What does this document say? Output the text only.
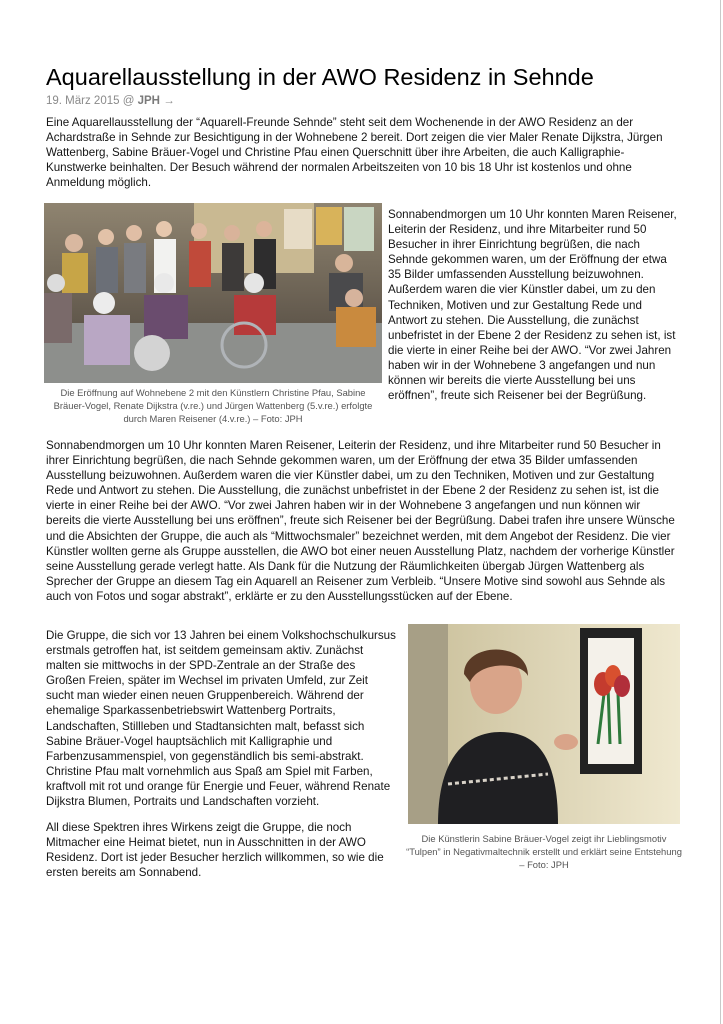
Aquarellausstellung in der AWO Residenz in Sehnde
19. März 2015 @ JPH →

Eine Aquarellausstellung der “Aquarell-Freunde Sehnde” steht seit dem Wochenende in der AWO Residenz an der Achardstraße in Sehnde zur Besichtigung in der Wohnebene 2 bereit. Dort zeigen die vier Maler Renate Dijkstra, Jürgen Wattenberg, Sabine Bräuer-Vogel und Christine Pfau einen Querschnitt über ihre Arbeiten, die auch Kalligraphie-Kunstwerke beinhalten. Der Besuch während der normalen Arbeitszeiten von 10 bis 18 Uhr ist kostenlos und ohne Anmeldung möglich.

Die Eröffnung auf Wohnebene 2 mit den Künstlern Christine Pfau, Sabine Bräuer-Vogel, Renate Dijkstra (v.re.) und Jürgen Wattenberg (5.v.re.) erfolgte durch Maren Reisener (4.v.re.) – Foto: JPH

Sonnabendmorgen um 10 Uhr konnten Maren Reisener, Leiterin der Residenz, und ihre Mitarbeiter rund 50 Besucher in ihrer Einrichtung begrüßen, die nach Sehnde gekommen waren, um der Eröffnung der etwa 35 Bilder umfassenden Ausstellung beizuwohnen. Außerdem waren die vier Künstler dabei, um zu den Techniken, Motiven und zur Gestaltung Rede und Antwort zu stehen. Die Ausstellung, die zunächst unbefristet in der Ebene 2 der Residenz zu sehen ist, ist die vierte in einer Reihe bei der AWO. “Vor zwei Jahren haben wir in der Wohnebene 3 angefangen und nun können wir bereits die vierte Ausstellung bei uns eröffnen”, freute sich Reisener bei der Begrüßung.

Sonnabendmorgen um 10 Uhr konnten Maren Reisener, Leiterin der Residenz, und ihre Mitarbeiter rund 50 Besucher in ihrer Einrichtung begrüßen, die nach Sehnde gekommen waren, um der Eröffnung der etwa 35 Bilder umfassenden Ausstellung beizuwohnen. Außerdem waren die vier Künstler dabei, um zu den Techniken, Motiven und zur Gestaltung Rede und Antwort zu stehen. Die Ausstellung, die zunächst unbefristet in der Ebene 2 der Residenz zu sehen ist, ist die vierte in einer Reihe bei der AWO. “Vor zwei Jahren haben wir in der Wohnebene 3 angefangen und nun können wir bereits die vierte Ausstellung bei uns eröffnen”, freute sich Reisener bei der Begrüßung. Dabei trafen ihre unsere Wünsche und die Absichten der Gruppe, die auch als “Mittwochsmaler” bezeichnet werden, mit dem Angebot der Residenz. Die vier Künstler wollten gerne als Gruppe ausstellen, die AWO bot einer neuen Ausstellung Platz, nachdem der vorherige Künstler seine Ausstellung gerade verlegt hatte. Als Dank für die Nutzung der Räumlichkeiten übergab Jürgen Wattenberg als Sprecher der Gruppe an diesem Tag ein Aquarell an Reisener zum Verbleib. “Unsere Motive sind sowohl aus Sehnde als auch von Fotos und sogar abstrakt”, erklärte er zu den Ausstellungsstücken auf der Ebene.

Die Gruppe, die sich vor 13 Jahren bei einem Volkshochschulkursus erstmals getroffen hat, ist seitdem gemeinsam aktiv. Zunächst malten sie mittwochs in der SPD-Zentrale an der Straße des Großen Freien, später im Wechsel im privaten Umfeld, zur Zeit sucht man wieder einen neuen Gruppenbereich. Während der ehemalige Sparkassenbetriebswirt Wattenberg Portraits, Landschaften, Stillleben und Stadtansichten malt, befasst sich Sabine Bräuer-Vogel hauptsächlich mit Kalligraphie und Farbenzusammenspiel, von gegenständlich bis semi-abstrakt. Christine Pfau malt vornehmlich aus Spaß am Spiel mit Farben, kraftvoll mit rot und orange für Energie und Feuer, während Renate Dijkstra Blumen, Portraits und Landschaften vorzieht.

All diese Spektren ihres Wirkens zeigt die Gruppe, die noch Mitmacher eine Heimat bietet, nun in Ausschnitten in der AWO Residenz. Dort ist jeder Besucher herzlich willkommen, so wie die ersten bereits am Sonnabend.

Die Künstlerin Sabine Bräuer-Vogel zeigt ihr Lieblingsmotiv “Tulpen” in Negativmaltechnik erstellt und erklärt seine Entstehung – Foto: JPH
